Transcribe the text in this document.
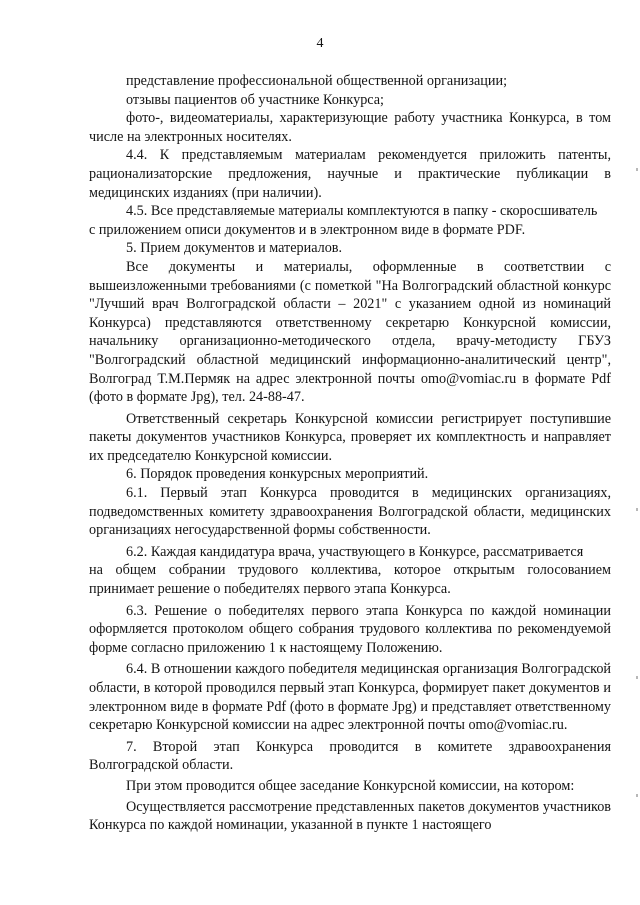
4

представление профессиональной общественной организации;

отзывы пациентов об участнике Конкурса;

фото-, видеоматериалы, характеризующие работу участника Конкурса, в том числе на электронных носителях.

4.4. К представляемым материалам рекомендуется приложить патенты, рационализаторские предложения, научные и практические публикации в медицинских изданиях (при наличии).

4.5. Все представляемые материалы комплектуются в папку - скоросшиватель

с приложением описи документов и в электронном виде в формате PDF.

5. Прием документов и материалов.

Все документы и материалы, оформленные в соответствии с вышеизложенными требованиями (с пометкой "На Волгоградский областной конкурс "Лучший врач Волгоградской области – 2021" с указанием одной из номинаций Конкурса) представляются ответственному секретарю Конкурсной комиссии, начальнику организационно-методического отдела, врачу-методисту ГБУЗ "Волгоградский областной медицинский информационно-аналитический центр", Волгоград Т.М.Пермяк на адрес электронной почты omo@vomiac.ru в формате Pdf (фото в формате Jpg), тел. 24-88-47.

Ответственный секретарь Конкурсной комиссии регистрирует поступившие пакеты документов участников Конкурса, проверяет их комплектность и направляет их председателю Конкурсной комиссии.

6. Порядок проведения конкурсных мероприятий.

6.1. Первый этап Конкурса проводится в медицинских организациях, подведомственных комитету здравоохранения Волгоградской области, медицинских организациях негосударственной формы собственности.

6.2. Каждая кандидатура врача, участвующего в Конкурсе, рассматривается

на общем собрании трудового коллектива, которое открытым голосованием принимает решение о победителях первого этапа Конкурса.

6.3. Решение о победителях первого этапа Конкурса по каждой номинации оформляется протоколом общего собрания трудового коллектива по рекомендуемой форме согласно приложению 1 к настоящему Положению.

6.4. В отношении каждого победителя медицинская организация Волгоградской области, в которой проводился первый этап Конкурса, формирует пакет документов и электронном виде в формате Pdf (фото в формате Jpg) и представляет ответственному секретарю Конкурсной комиссии на адрес электронной почты omo@vomiac.ru.

7. Второй этап Конкурса проводится в комитете здравоохранения Волгоградской области.

При этом проводится общее заседание Конкурсной комиссии, на котором:

Осуществляется рассмотрение представленных пакетов документов участников Конкурса по каждой номинации, указанной в пункте 1 настоящего
